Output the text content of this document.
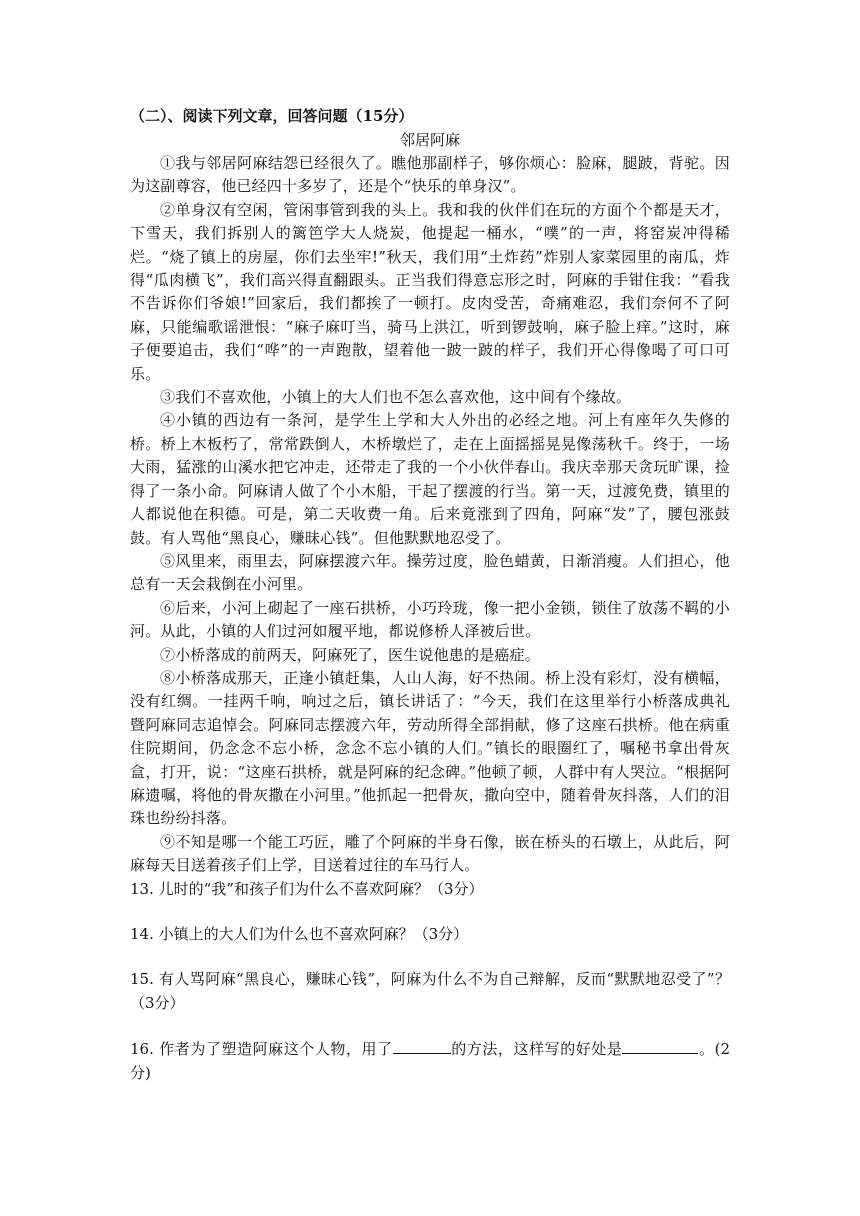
（二）、阅读下列文章，回答问题（15分）

邻居阿麻

①我与邻居阿麻结怨已经很久了。瞧他那副样子，够你烦心：脸麻，腿跛，背驼。因为这副尊容，他已经四十多岁了，还是个“快乐的单身汉”。

②单身汉有空闲，管闲事管到我的头上。我和我的伙伴们在玩的方面个个都是天才，下雪天，我们拆别人的篱笆学大人烧炭，他提起一桶水，“噗”的一声，将窑炭冲得稀烂。“烧了镇上的房屋，你们去坐牢!”秋天，我们用“土炸药”炸别人家菜园里的南瓜，炸得“瓜肉横飞”，我们高兴得直翻跟头。正当我们得意忘形之时，阿麻的手钳住我：“看我不告诉你们爷娘!”回家后，我们都挨了一顿打。皮肉受苦，奇痛难忍，我们奈何不了阿麻，只能编歌谣泄恨：“麻子麻叮当，骑马上洪江，听到锣鼓响，麻子脸上痒。”这时，麻子便要追击，我们“哗”的一声跑散，望着他一跛一跛的样子，我们开心得像喝了可口可乐。

③我们不喜欢他，小镇上的大人们也不怎么喜欢他，这中间有个缘故。

④小镇的西边有一条河，是学生上学和大人外出的必经之地。河上有座年久失修的桥。桥上木板朽了，常常跌倒人，木桥墩烂了，走在上面摇摇晃晃像荡秋千。终于，一场大雨，猛涨的山溪水把它冲走，还带走了我的一个小伙伴春山。我庆幸那天贪玩旷课，捡得了一条小命。阿麻请人做了个小木船，干起了摆渡的行当。第一天，过渡免费，镇里的人都说他在积德。可是，第二天收费一角。后来竟涨到了四角，阿麻“发”了，腰包涨鼓鼓。有人骂他“黑良心，赚昧心钱”。但他默默地忍受了。

⑤风里来，雨里去，阿麻摆渡六年。操劳过度，脸色蜡黄，日渐消瘦。人们担心，他总有一天会栽倒在小河里。

⑥后来，小河上砌起了一座石拱桥，小巧玲珑，像一把小金锁，锁住了放荡不羁的小河。从此，小镇的人们过河如履平地，都说修桥人泽被后世。

⑦小桥落成的前两天，阿麻死了，医生说他患的是癌症。

⑧小桥落成那天，正逢小镇赶集，人山人海，好不热闹。桥上没有彩灯，没有横幅，没有红绸。一挂两千响，响过之后，镇长讲话了：“今天，我们在这里举行小桥落成典礼暨阿麻同志追悼会。阿麻同志摆渡六年，劳动所得全部捐献，修了这座石拱桥。他在病重住院期间，仍念念不忘小桥，念念不忘小镇的人们。”镇长的眼圈红了，嘱秘书拿出骨灰盒，打开，说：“这座石拱桥，就是阿麻的纪念碑。”他顿了顿，人群中有人哭泣。“根据阿麻遗嘱，将他的骨灰撒在小河里。”他抓起一把骨灰，撒向空中，随着骨灰抖落，人们的泪珠也纷纷抖落。

⑨不知是哪一个能工巧匠，雕了个阿麻的半身石像，嵌在桥头的石墩上，从此后，阿麻每天目送着孩子们上学，目送着过往的车马行人。

13. 儿时的“我”和孩子们为什么不喜欢阿麻？（3分）

14. 小镇上的大人们为什么也不喜欢阿麻？（3分）

15. 有人骂阿麻“黑良心，赚昧心钱”，阿麻为什么不为自己辩解，反而“默默地忍受了”？（3分）

16. 作者为了塑造阿麻这个人物，用了	的方法，这样写的好处是	。(2分)
